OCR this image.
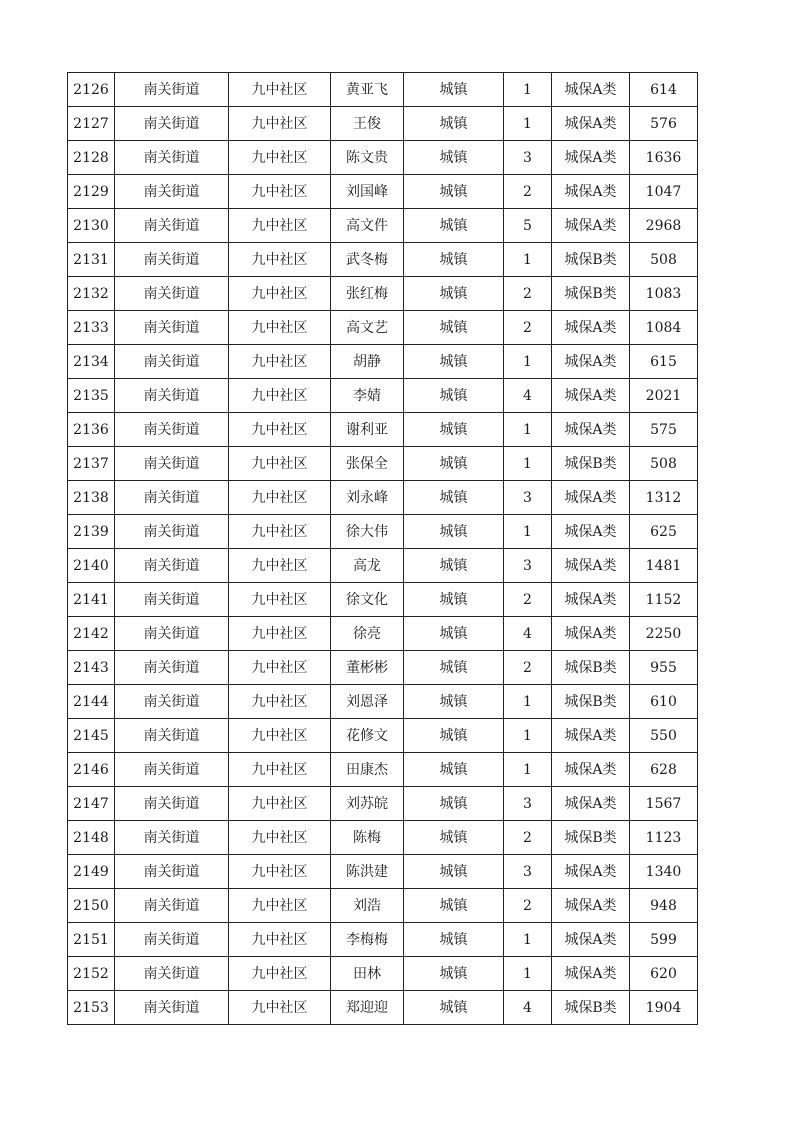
2126	南关街道	九中社区	黄亚飞	城镇	1	城保A类	614
2127	南关街道	九中社区	王俊	城镇	1	城保A类	576
2128	南关街道	九中社区	陈文贵	城镇	3	城保A类	1636
2129	南关街道	九中社区	刘国峰	城镇	2	城保A类	1047
2130	南关街道	九中社区	高文件	城镇	5	城保A类	2968
2131	南关街道	九中社区	武冬梅	城镇	1	城保B类	508
2132	南关街道	九中社区	张红梅	城镇	2	城保B类	1083
2133	南关街道	九中社区	高文艺	城镇	2	城保A类	1084
2134	南关街道	九中社区	胡静	城镇	1	城保A类	615
2135	南关街道	九中社区	李婧	城镇	4	城保A类	2021
2136	南关街道	九中社区	谢利亚	城镇	1	城保A类	575
2137	南关街道	九中社区	张保全	城镇	1	城保B类	508
2138	南关街道	九中社区	刘永峰	城镇	3	城保A类	1312
2139	南关街道	九中社区	徐大伟	城镇	1	城保A类	625
2140	南关街道	九中社区	高龙	城镇	3	城保A类	1481
2141	南关街道	九中社区	徐文化	城镇	2	城保A类	1152
2142	南关街道	九中社区	徐亮	城镇	4	城保A类	2250
2143	南关街道	九中社区	董彬彬	城镇	2	城保B类	955
2144	南关街道	九中社区	刘恩泽	城镇	1	城保B类	610
2145	南关街道	九中社区	花修文	城镇	1	城保A类	550
2146	南关街道	九中社区	田康杰	城镇	1	城保A类	628
2147	南关街道	九中社区	刘苏皖	城镇	3	城保A类	1567
2148	南关街道	九中社区	陈梅	城镇	2	城保B类	1123
2149	南关街道	九中社区	陈洪建	城镇	3	城保A类	1340
2150	南关街道	九中社区	刘浩	城镇	2	城保A类	948
2151	南关街道	九中社区	李梅梅	城镇	1	城保A类	599
2152	南关街道	九中社区	田林	城镇	1	城保A类	620
2153	南关街道	九中社区	郑迎迎	城镇	4	城保B类	1904
